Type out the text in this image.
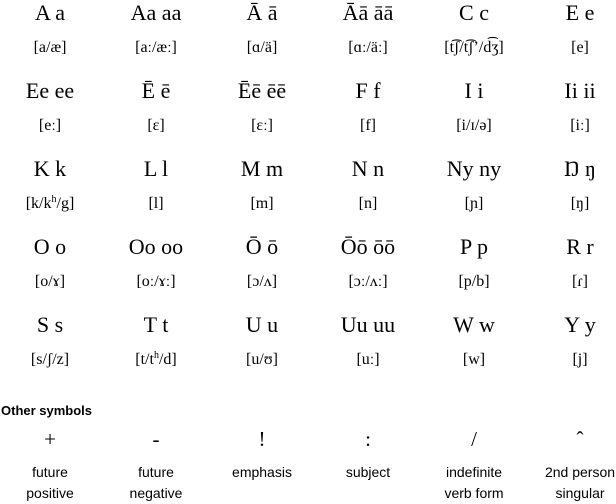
A a
[a/æ]
Aa aa
[aː/æː]
Ā ā
[ɑ/ä]
Āā āā
[ɑː/äː]
C c
[t͡ʃ/t͡ʃʼ/d͡ʒ]
E e
[e]
Ee ee
[eː]
Ē ē
[ɛ]
Ēē ēē
[ɛː]
F f
[f]
I i
[i/ɪ/ə]
Ii ii
[iː]
K k
$[k/k^h/g]$
L l
[l]
M m
[m]
N n
[n]
Ny ny
[ɲ]
Ŋ ŋ
[ŋ]
O o
[o/ɤ]
Oo oo
[oː/ɤː]
Ō ō
[ɔ/ʌ]
Ōō ōō
[ɔː/ʌː]
P p
[p/b]
R r
[ɾ]
S s
[s/ʃ/z]
T t
$[t/t^h/d]$
U u
[u/ʊ]
Uu uu
[uː]
W w
[w]
Y y
[j]
Other symbols
+
future
positive
-
future
negative
!
emphasis
:
subject
/
indefinite
verb form
ˆ
2nd person
singular
